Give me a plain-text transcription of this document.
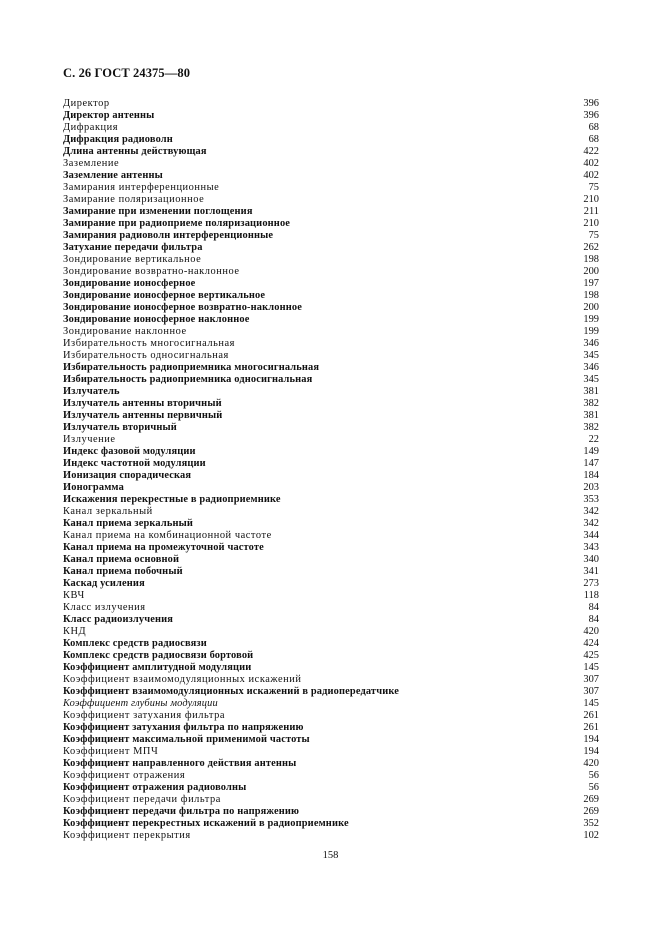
С. 26 ГОСТ 24375—80
Директор	396
Директор антенны	396
Дифракция	68
Дифракция радиоволн	68
Длина антенны действующая	422
Заземление	402
Заземление антенны	402
Замирания интерференционные	75
Замирание поляризационное	210
Замирание при изменении поглощения	211
Замирание при радиоприеме поляризационное	210
Замирания радиоволн интерференционные	75
Затухание передачи фильтра	262
Зондирование вертикальное	198
Зондирование возвратно-наклонное	200
Зондирование ионосферное	197
Зондирование ионосферное вертикальное	198
Зондирование ионосферное возвратно-наклонное	200
Зондирование ионосферное наклонное	199
Зондирование наклонное	199
Избирательность многосигнальная	346
Избирательность односигнальная	345
Избирательность радиоприемника многосигнальная	346
Избирательность радиоприемника односигнальная	345
Излучатель	381
Излучатель антенны вторичный	382
Излучатель антенны первичный	381
Излучатель вторичный	382
Излучение	22
Индекс фазовой модуляции	149
Индекс частотной модуляции	147
Ионизация спорадическая	184
Ионограмма	203
Искажения перекрестные в радиоприемнике	353
Канал зеркальный	342
Канал приема зеркальный	342
Канал приема на комбинационной частоте	344
Канал приема на промежуточной частоте	343
Канал приема основной	340
Канал приема побочный	341
Каскад усиления	273
КВЧ	118
Класс излучения	84
Класс радиоизлучения	84
КНД	420
Комплекс средств радиосвязи	424
Комплекс средств радиосвязи бортовой	425
Коэффициент амплитудной модуляции	145
Коэффициент взаимомодуляционных искажений	307
Коэффициент взаимомодуляционных искажений в радиопередатчике	307
Коэффициент глубины модуляции	145
Коэффициент затухания фильтра	261
Коэффициент затухания фильтра по напряжению	261
Коэффициент максимальной применимой частоты	194
Коэффициент МПЧ	194
Коэффициент направленного действия антенны	420
Коэффициент отражения	56
Коэффициент отражения радиоволны	56
Коэффициент передачи фильтра	269
Коэффициент передачи фильтра по напряжению	269
Коэффициент перекрестных искажений в радиоприемнике	352
Коэффициент перекрытия	102
158
